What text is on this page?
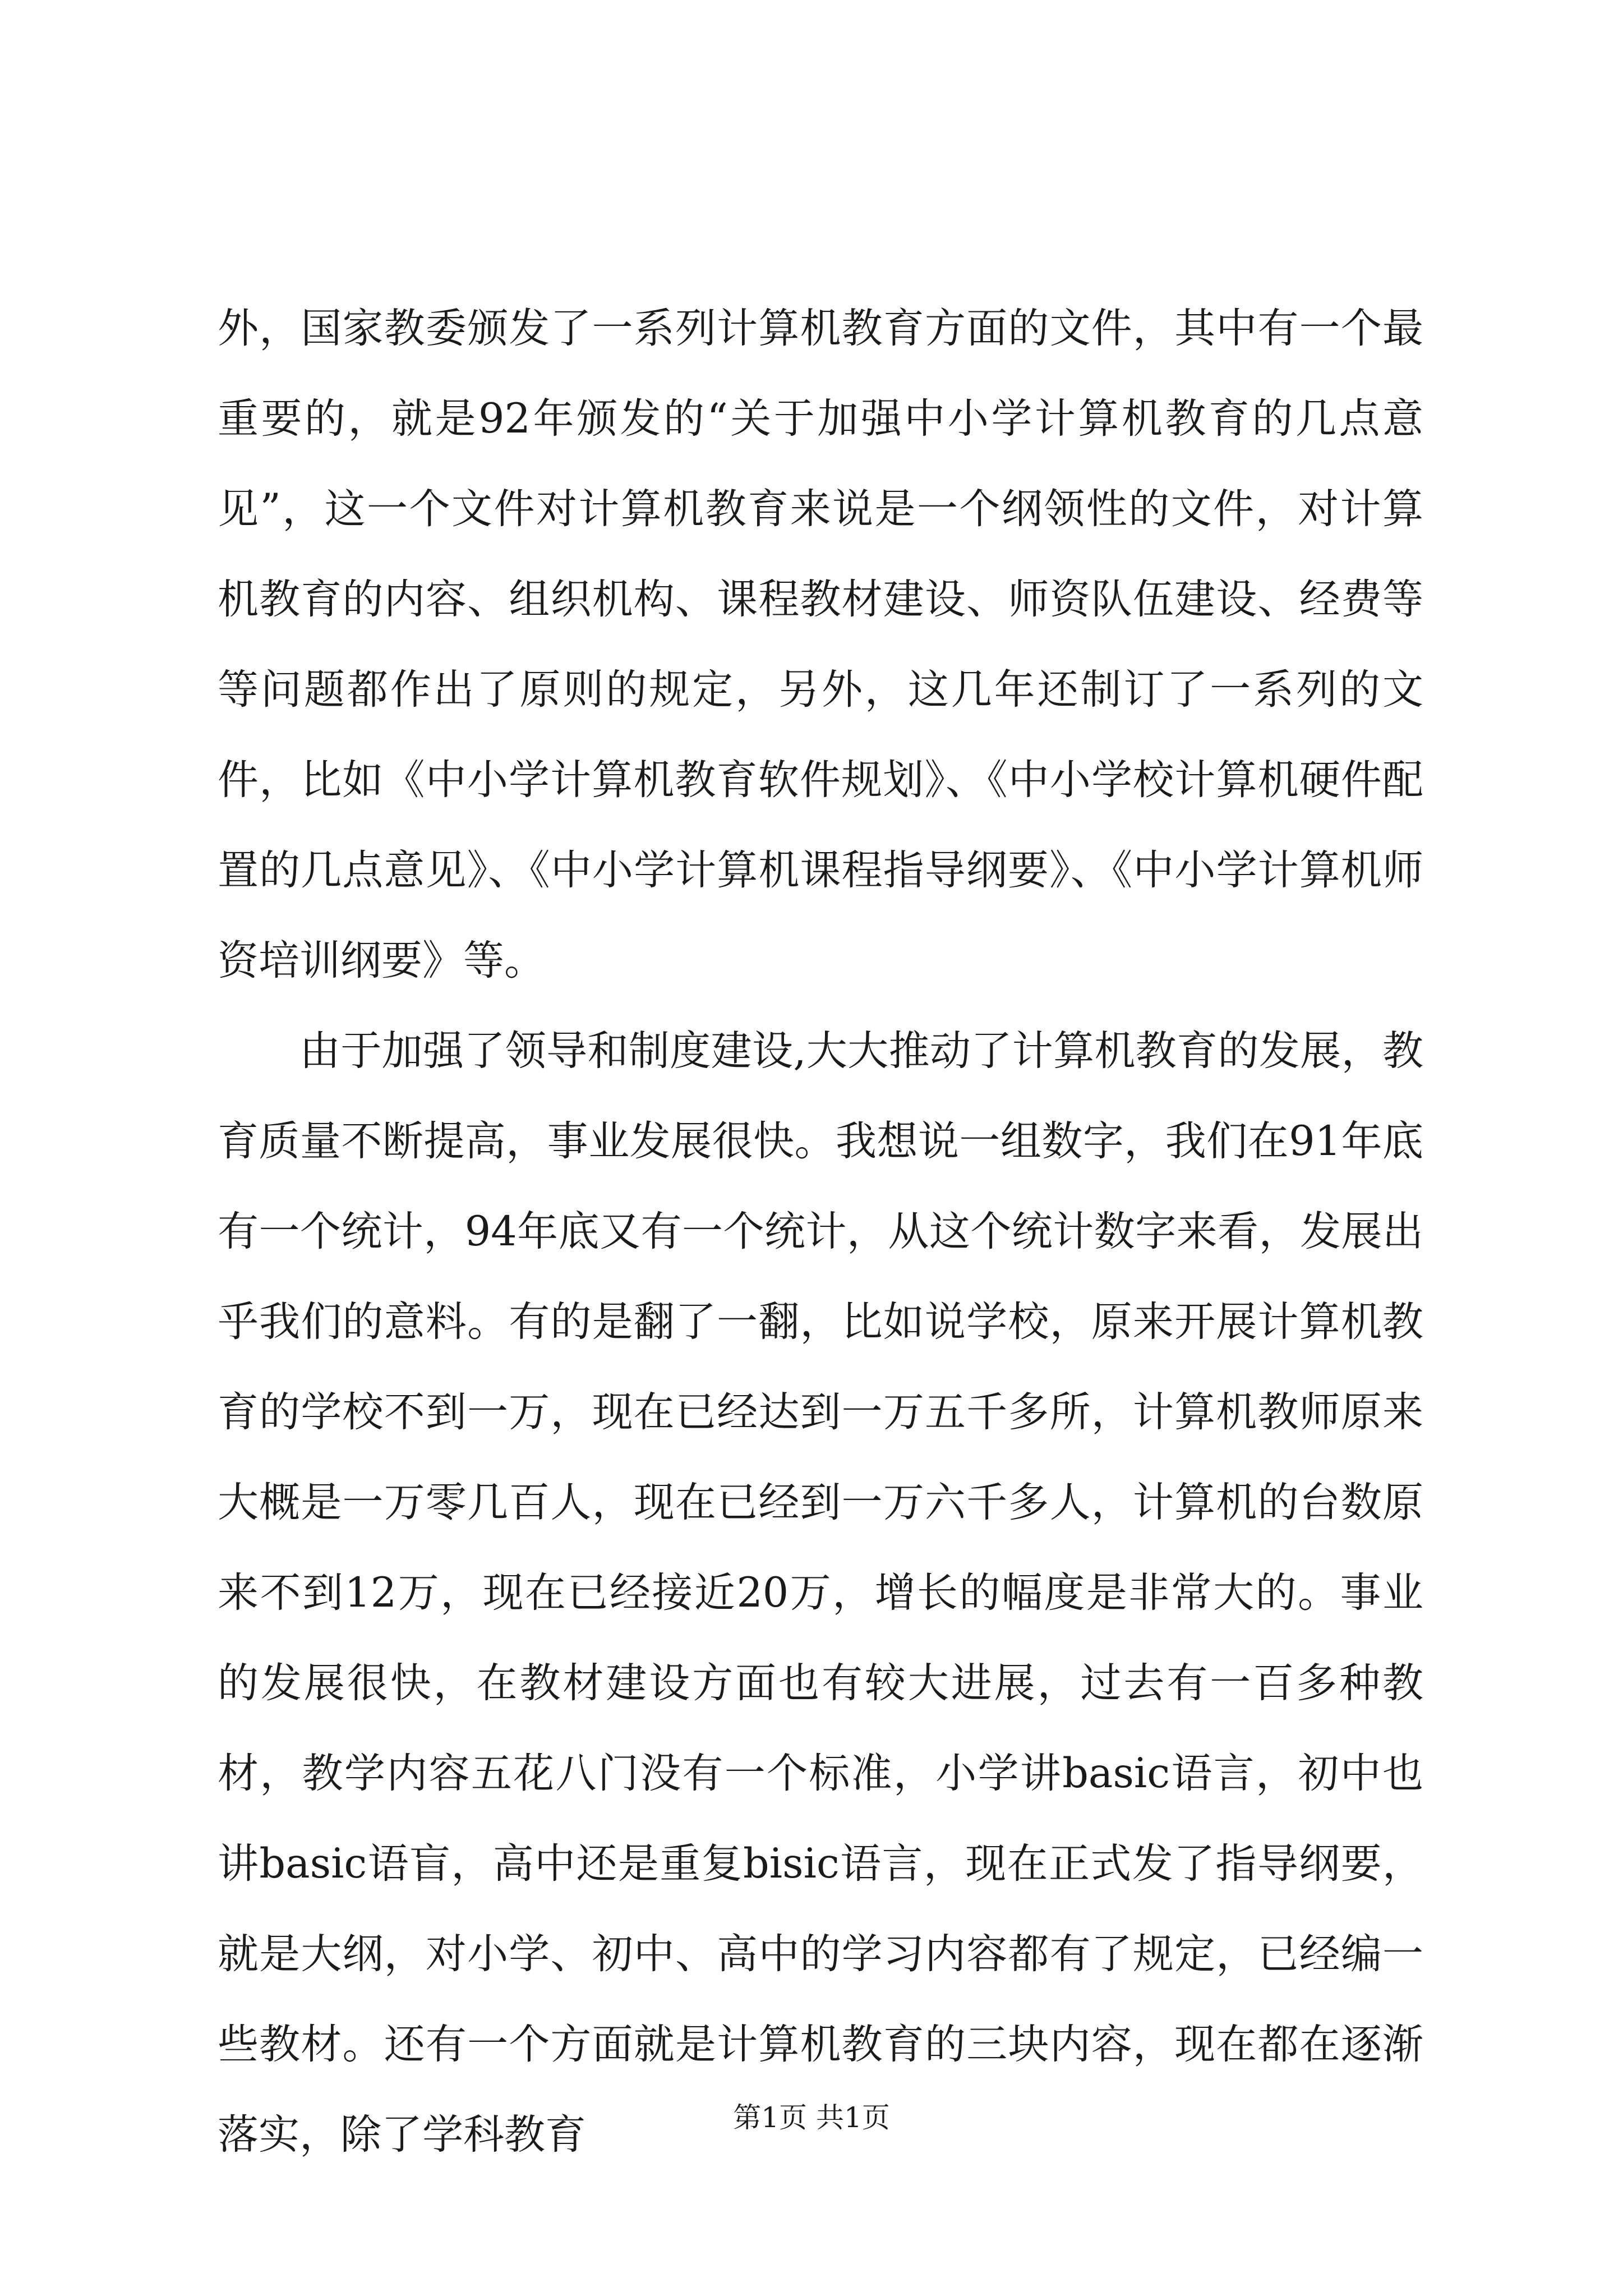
外，国家教委颁发了一系列计算机教育方面的文件，其中有一个最重要的，就是92年颁发的“关于加强中小学计算机教育的几点意见”，这一个文件对计算机教育来说是一个纲领性的文件，对计算机教育的内容、组织机构、课程教材建设、师资队伍建设、经费等等问题都作出了原则的规定，另外，这几年还制订了一系列的文件，比如《中小学计算机教育软件规划》、《中小学校计算机硬件配置的几点意见》、《中小学计算机课程指导纲要》、《中小学计算机师资培训纲要》等。

由于加强了领导和制度建设,大大推动了计算机教育的发展，教育质量不断提高，事业发展很快。我想说一组数字，我们在91年底有一个统计，94年底又有一个统计，从这个统计数字来看，发展出乎我们的意料。有的是翻了一翻，比如说学校，原来开展计算机教育的学校不到一万，现在已经达到一万五千多所，计算机教师原来大概是一万零几百人，现在已经到一万六千多人，计算机的台数原来不到12万，现在已经接近20万，增长的幅度是非常大的。事业的发展很快，在教材建设方面也有较大进展，过去有一百多种教材，教学内容五花八门没有一个标准，小学讲basic语言，初中也讲basic语盲，高中还是重复bisic语言，现在正式发了指导纲要，就是大纲，对小学、初中、高中的学习内容都有了规定，已经编一些教材。还有一个方面就是计算机教育的三块内容，现在都在逐渐落实，除了学科教育	第1页 共1页
